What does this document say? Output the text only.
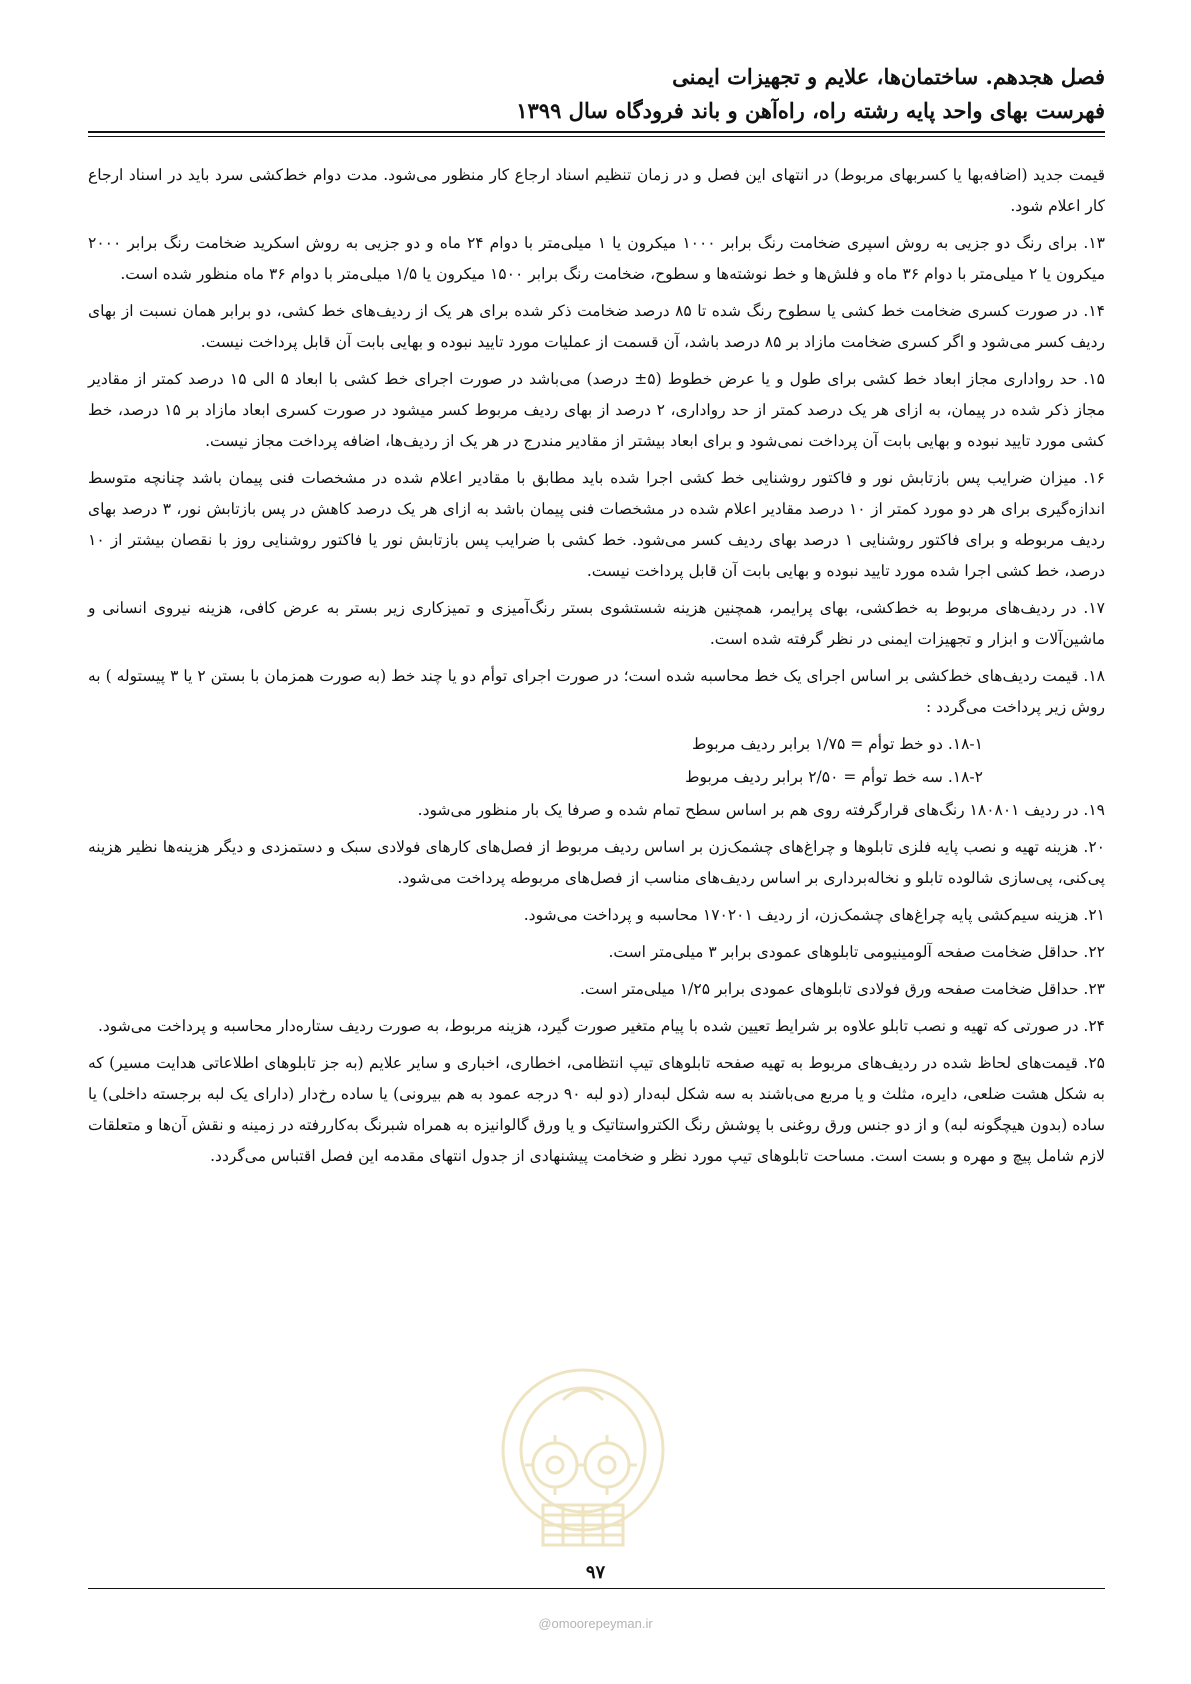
فصل هجدهم. ساختمان‌ها، علایم و تجهیزات ایمنی
فهرست بهای واحد پایه رشته راه، راه‌آهن و باند فرودگاه سال ۱۳۹۹

قیمت جدید (اضافه‌بها یا کسربهای مربوط) در انتهای این فصل و در زمان تنظیم اسناد ارجاع کار منظور می‌شود. مدت دوام خط‌کشی سرد باید در اسناد ارجاع کار اعلام شود.

۱۳. برای رنگ دو جزیی به روش اسپری ضخامت رنگ برابر ۱۰۰۰ میکرون یا ۱ میلی‌متر با دوام ۲۴ ماه و دو جزیی به روش اسکرید ضخامت رنگ برابر ۲۰۰۰ میکرون یا ۲ میلی‌متر با دوام ۳۶ ماه و فلش‌ها و خط نوشته‌ها و سطوح، ضخامت رنگ برابر ۱۵۰۰ میکرون یا ۱/۵ میلی‌متر با دوام ۳۶ ماه منظور شده است.

۱۴. در صورت کسری ضخامت خط کشی یا سطوح رنگ شده تا ۸۵ درصد ضخامت ذکر شده برای هر یک از ردیف‌های خط کشی، دو برابر همان نسبت از بهای ردیف کسر می‌شود و اگر کسری ضخامت مازاد بر ۸۵ درصد باشد، آن قسمت از عملیات مورد تایید نبوده و بهایی بابت آن قابل پرداخت نیست.

۱۵. حد رواداری مجاز ابعاد خط کشی برای طول و یا عرض خطوط (۵± درصد) می‌باشد در صورت اجرای خط کشی با ابعاد ۵ الی ۱۵ درصد کمتر از مقادیر مجاز ذکر شده در پیمان، به ازای هر یک درصد کمتر از حد رواداری، ۲ درصد از بهای ردیف مربوط کسر میشود در صورت کسری ابعاد مازاد بر ۱۵ درصد، خط کشی مورد تایید نبوده و بهایی بابت آن پرداخت نمی‌شود و برای ابعاد بیشتر از مقادیر مندرج در هر یک از ردیف‌ها، اضافه پرداخت مجاز نیست.

۱۶. میزان ضرایب پس بازتابش نور و فاکتور روشنایی خط کشی اجرا شده باید مطابق با مقادیر اعلام شده در مشخصات فنی پیمان باشد چنانچه متوسط اندازه‌گیری برای هر دو مورد کمتر از ۱۰ درصد مقادیر اعلام شده در مشخصات فنی پیمان باشد به ازای هر یک درصد کاهش در پس بازتابش نور، ۳ درصد بهای ردیف مربوطه و برای فاکتور روشنایی ۱ درصد بهای ردیف کسر می‌شود. خط کشی با ضرایب پس بازتابش نور یا فاکتور روشنایی روز با نقصان بیشتر از ۱۰ درصد، خط کشی اجرا شده مورد تایید نبوده و بهایی بابت آن قابل پرداخت نیست.

۱۷. در ردیف‌های مربوط به خط‌کشی، بهای پرایمر، همچنین هزینه شستشوی بستر رنگ‌آمیزی و تمیزکاری زیر بستر به عرض کافی، هزینه نیروی انسانی و ماشین‌آلات و ابزار و تجهیزات ایمنی در نظر گرفته شده است.

۱۸. قیمت ردیف‌های خط‌کشی بر اساس اجرای یک خط محاسبه شده است؛ در صورت اجرای توأم دو یا چند خط (به صورت همزمان با بستن ۲ یا ۳ پیستوله ) به روش زیر پرداخت می‌گردد :

۱۸-۱. دو خط توأم = ۱/۷۵ برابر ردیف مربوط

۱۸-۲. سه خط توأم = ۲/۵۰ برابر ردیف مربوط

۱۹. در ردیف ۱۸۰۸۰۱ رنگ‌های قرارگرفته روی هم بر اساس سطح تمام شده و صرفا یک بار منظور می‌شود.

۲۰. هزینه تهیه و نصب پایه فلزی تابلوها و چراغ‌های چشمک‌زن بر اساس ردیف مربوط از فصل‌های کارهای فولادی سبک و دستمزدی و دیگر هزینه‌ها نظیر هزینه پی‌کنی، پی‌سازی شالوده تابلو و نخاله‌برداری بر اساس ردیف‌های مناسب از فصل‌های مربوطه پرداخت می‌شود.

۲۱. هزینه سیم‌کشی پایه چراغ‌های چشمک‌زن، از ردیف ۱۷۰۲۰۱ محاسبه و پرداخت می‌شود.

۲۲. حداقل ضخامت صفحه آلومینیومی تابلوهای عمودی برابر ۳ میلی‌متر است.

۲۳. حداقل ضخامت صفحه ورق فولادی تابلوهای عمودی برابر ۱/۲۵ میلی‌متر است.

۲۴. در صورتی که تهیه و نصب تابلو علاوه بر شرایط تعیین شده با پیام متغیر صورت گیرد، هزینه مربوط، به صورت ردیف ستاره‌دار محاسبه و پرداخت می‌شود.

۲۵. قیمت‌های لحاظ شده در ردیف‌های مربوط به تهیه صفحه تابلوهای تیپ انتظامی، اخطاری، اخباری و سایر علایم (به جز تابلوهای اطلاعاتی هدایت مسیر) که به شکل هشت ضلعی، دایره، مثلث و یا مربع می‌باشند به سه شکل لبه‌دار (دو لبه ۹۰ درجه عمود به هم بیرونی) یا ساده رخ‌دار (دارای یک لبه برجسته داخلی) یا ساده (بدون هیچگونه لبه) و از دو جنس ورق روغنی با پوشش رنگ الکترواستاتیک و یا ورق گالوانیزه به همراه شبرنگ به‌کاررفته در زمینه و نقش آن‌ها و متعلقات لازم شامل پیچ و مهره و بست است. مساحت تابلوهای تیپ مورد نظر و ضخامت پیشنهادی از جدول انتهای مقدمه این فصل اقتباس می‌گردد.

۹۷
@omoorepeyman.ir
